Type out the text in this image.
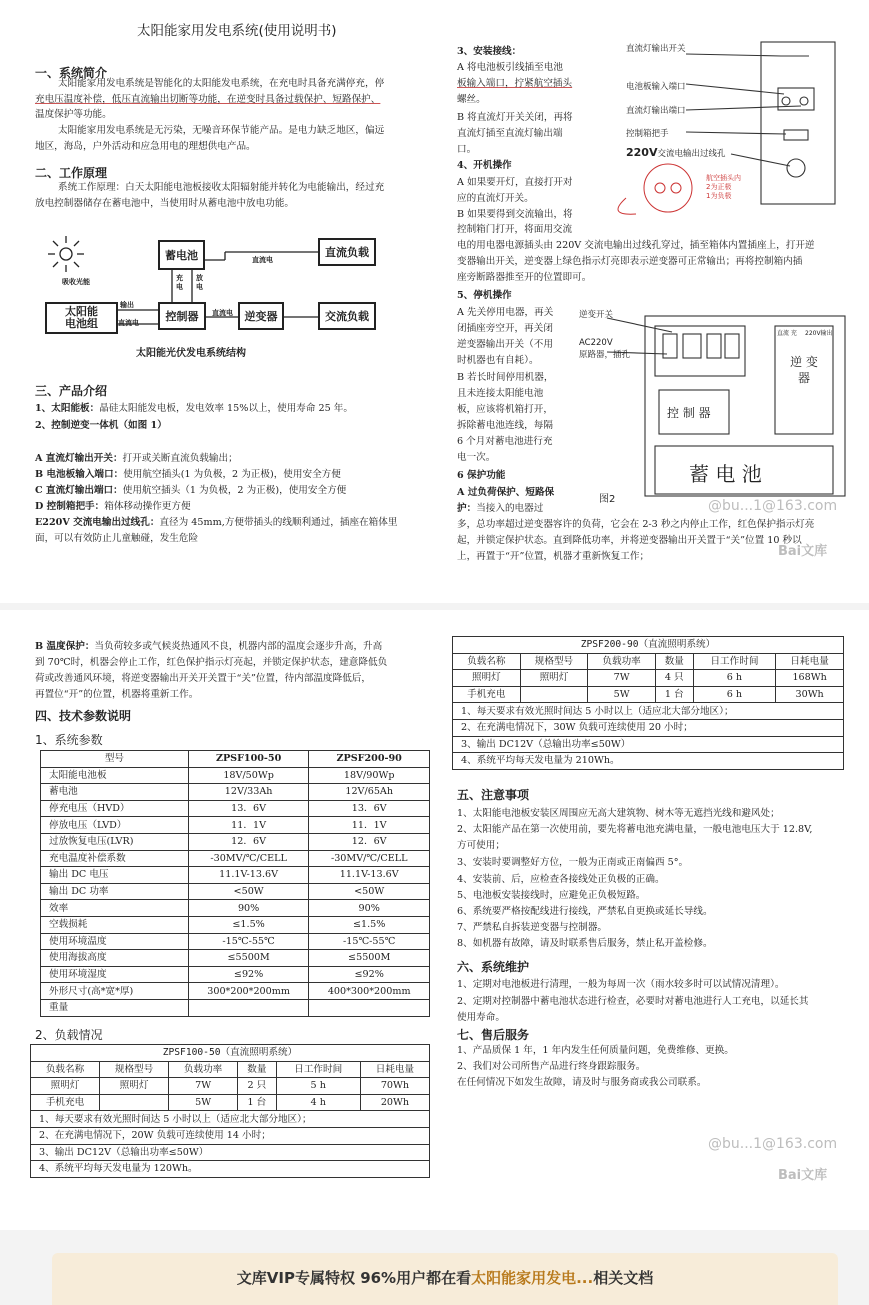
太阳能家用发电系统(使用说明书)
一、系统简介
太阳能家用发电系统是智能化的太阳能发电系统，在充电时具备充满停充，停
充电压温度补偿，低压直流输出切断等功能，在逆变时具备过载保护、短路保护、
温度保护等功能。
太阳能家用发电系统是无污染，无噪音环保节能产品。是电力缺乏地区，偏远
地区，海岛，户外活动和应急用电的理想供电产品。
二、工作原理
系统工作原理：白天太阳能电池板接收太阳辐射能并转化为电能输出，经过充
放电控制器储存在蓄电池中，当使用时从蓄电池中放电功能。
蓄电池	直流负载
太阳能
电池组
控制器	逆变器	交流负载
吸收光能
输出
直流电
充
电
放
电
直流电
直流电
太阳能光伏发电系统结构
三、产品介绍
1、太阳能板：晶硅太阳能发电板，发电效率 15%以上，使用寿命 25 年。
2、控制逆变一体机（如图 1）
A 直流灯输出开关：打开或关断直流负载输出；
B 电池板输入端口：使用航空插头(1 为负极，2 为正极)，使用安全方便
C 直流灯输出端口：使用航空插头（1 为负极，2 为正极)，使用安全方便
D 控制箱把手：箱体移动操作更方便
E220V 交流电输出过线孔：直径为 45mm,方便带插头的线顺利通过，插座在箱体里
面，可以有效防止儿童触碰，发生危险
3、安装接线：
A 将电池板引线插至电池
板输入端口，拧紧航空插头
螺丝。
B 将直流灯开关关闭，再将
直流灯插至直流灯输出端
口。
4、开机操作
A 如果要开灯，直接打开对
应的直流灯开关。
B 如果要得到交流输出，将
控制箱门打开，将面用交流
电的用电器电源插头由 220V 交流电输出过线孔穿过，插至箱体内置插座上，打开逆
变器输出开关，逆变器上绿色指示灯亮即表示逆变器可正常输出；再将控制箱内插
座旁断路器推至开的位置即可。
5、停机操作
A 先关停用电器，再关
闭插座旁空开，再关闭
逆变器输出开关（不用
时机器也有自耗）。
B 若长时间停用机器，
且未连接太阳能电池
板，应该将机箱打开，
拆除蓄电池连线，每隔
6 个月对蓄电池进行充
电一次。
6 保护功能
A 过负荷保护、短路保
护：当接入的电器过
多，总功率超过逆变器容许的负荷，它会在 2-3 秒之内停止工作，红色保护指示灯亮
起，并锁定保护状态。直到降低功率，并将逆变器输出开关置于“关”位置 10 秒以
上，再置于“开”位置，机器才重新恢复工作；
直流灯输出开关
电池板输入端口
直流灯输出端口
控制箱把手
220V交流电输出过线孔
航空插头内
2为正极
1为负极
逆变开关
AC220V
原路器，插孔
直流 充 220V输出
逆 变 器
控 制 器
蓄 电 池
图2	@bu...1@163.com
Bai文库
B 温度保护：当负荷较多或气候炎热通风不良，机器内部的温度会逐步升高，升高
到 70℃时，机器会停止工作，红色保护指示灯亮起，并锁定保护状态，建意降低负
荷或改善通风环境，将逆变器输出开关开关置于“关”位置，待内部温度降低后，
再置位“开”的位置，机器将重新工作。
四、技术参数说明
1、系统参数
型号	ZPSF100-50	ZPSF200-90
太阳能电池板	18V/50Wp	18V/90Wp
蓄电池	12V/33Ah	12V/65Ah
停充电压（HVD）	13．6V	13．6V
停放电压（LVD）	11．1V	11．1V
过放恢复电压(LVR)	12．6V	12．6V
充电温度补偿系数	-30MV/℃/CELL	-30MV/℃/CELL
输出 DC 电压	11.1V-13.6V	11.1V-13.6V
输出 DC 功率	<50W	<50W
效率	90%	90%
空载损耗	≤1.5%	≤1.5%
使用环境温度	-15℃-55℃	-15℃-55℃
使用海拔高度	≤5500M	≤5500M
使用环境湿度	≤92%	≤92%
外形尺寸(高*宽*厚)	300*200*200mm	400*300*200mm
重量		
2、负载情况
ZPSF100-50（直流照明系统）					
负载名称	规格型号	负载功率	数量	日工作时间	日耗电量
照明灯	照明灯	7W	2 只	5 h	70Wh
手机充电		5W	1 台	4 h	20Wh
1、每天要求有效光照时间达 5 小时以上（适应北大部分地区）；					
2、在充满电情况下，20W 负载可连续使用 14 小时；					
3、输出 DC12V（总输出功率≤50W）					
4、系统平均每天发电量为 120Wh。					
ZPSF200-90（直流照明系统）					
负载名称	规格型号	负载功率	数量	日工作时间	日耗电量
照明灯	照明灯	7W	4 只	6 h	168Wh
手机充电		5W	1 台	6 h	30Wh
1、每天要求有效光照时间达 5 小时以上（适应北大部分地区）；					
2、在充满电情况下，30W 负载可连续使用 20 小时；					
3、输出 DC12V（总输出功率≤50W）					
4、系统平均每天发电量为 210Wh。					
五、注意事项
1、太阳能电池板安装区周围应无高大建筑物、树木等无遮挡光线和避风处；
2、太阳能产品在第一次使用前，要先将蓄电池充满电量，一般电池电压大于 12.8V,
方可使用；
3、安装时要调整好方位，一般为正南或正南偏西 5°。
4、安装前、后，应检查各接线处正负极的正确。
5、电池板安装接线时，应避免正负极短路。
6、系统要严格按配线进行接线，严禁私自更换或延长导线。
7、严禁私自拆装逆变器与控制器。
8、如机器有故障，请及时联系售后服务，禁止私开盖检修。
六、系统维护
1、定期对电池板进行清理，一般为每周一次（雨水较多时可以试情况清理）。
2、定期对控制器中蓄电池状态进行检查，必要时对蓄电池进行人工充电，以延长其
使用寿命。
七、售后服务
1、产品质保 1 年，1 年内发生任何质量问题，免费维修、更换。
2、我们对公司所售产品进行终身跟踪服务。
在任何情况下如发生故障，请及时与服务商或我公司联系。
@bu...1@163.com
Bai文库
文库VIP专属特权 96%用户都在看太阳能家用发电...相关文档
